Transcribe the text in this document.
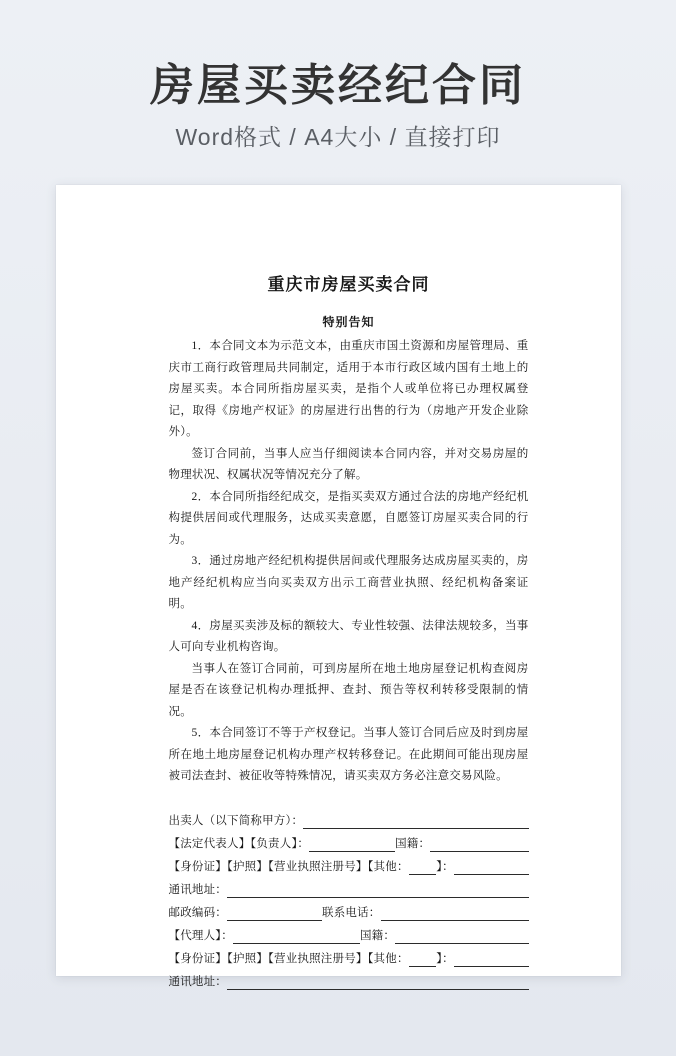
房屋买卖经纪合同
Word格式 / A4大小 / 直接打印
重庆市房屋买卖合同
特别告知

1．本合同文本为示范文本，由重庆市国土资源和房屋管理局、重庆市工商行政管理局共同制定，适用于本市行政区域内国有土地上的房屋买卖。本合同所指房屋买卖，是指个人或单位将已办理权属登记，取得《房地产权证》的房屋进行出售的行为（房地产开发企业除外）。

签订合同前，当事人应当仔细阅读本合同内容，并对交易房屋的物理状况、权属状况等情况充分了解。

2．本合同所指经纪成交，是指买卖双方通过合法的房地产经纪机构提供居间或代理服务，达成买卖意愿，自愿签订房屋买卖合同的行为。

3．通过房地产经纪机构提供居间或代理服务达成房屋买卖的，房地产经纪机构应当向买卖双方出示工商营业执照、经纪机构备案证明。

4．房屋买卖涉及标的额较大、专业性较强、法律法规较多，当事人可向专业机构咨询。

当事人在签订合同前，可到房屋所在地土地房屋登记机构查阅房屋是否在该登记机构办理抵押、查封、预告等权利转移受限制的情况。

5．本合同签订不等于产权登记。当事人签订合同后应及时到房屋所在地土地房屋登记机构办理产权转移登记。在此期间可能出现房屋被司法查封、被征收等特殊情况，请买卖双方务必注意交易风险。

出卖人（以下简称甲方）：
【法定代表人】【负责人】：	国籍：
【身份证】【护照】【营业执照注册号】【其他： 】：
通讯地址：
邮政编码：	联系电话：
【代理人】：	国籍：
【身份证】【护照】【营业执照注册号】【其他： 】：
通讯地址：
